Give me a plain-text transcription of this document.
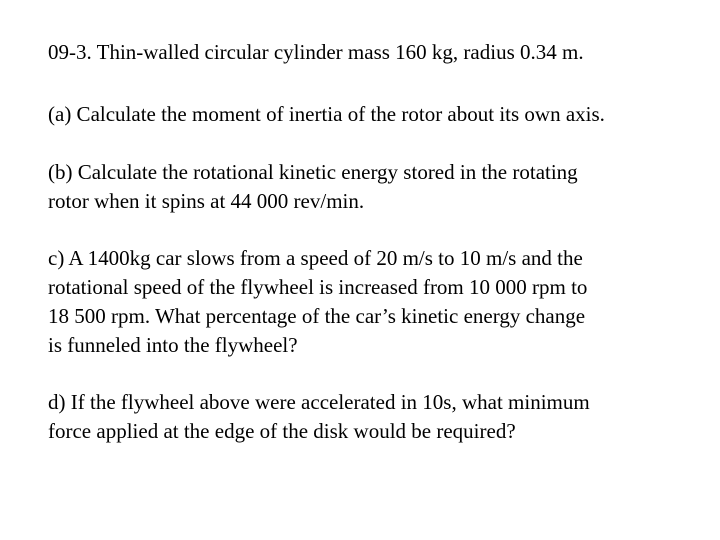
09-3. Thin-walled circular cylinder mass 160 kg, radius 0.34 m.

(a) Calculate the moment of inertia of the rotor about its own axis.

(b) Calculate the rotational kinetic energy stored in the rotating
rotor when it spins at 44 000 rev/min.

c) A 1400kg car slows from a speed of 20 m/s to 10 m/s and the
rotational speed of the flywheel is increased from 10 000 rpm to
18 500 rpm. What percentage of the car’s kinetic energy change
is funneled into the flywheel?

d) If the flywheel above were accelerated in 10s, what minimum
force applied at the edge of the disk would be required?
